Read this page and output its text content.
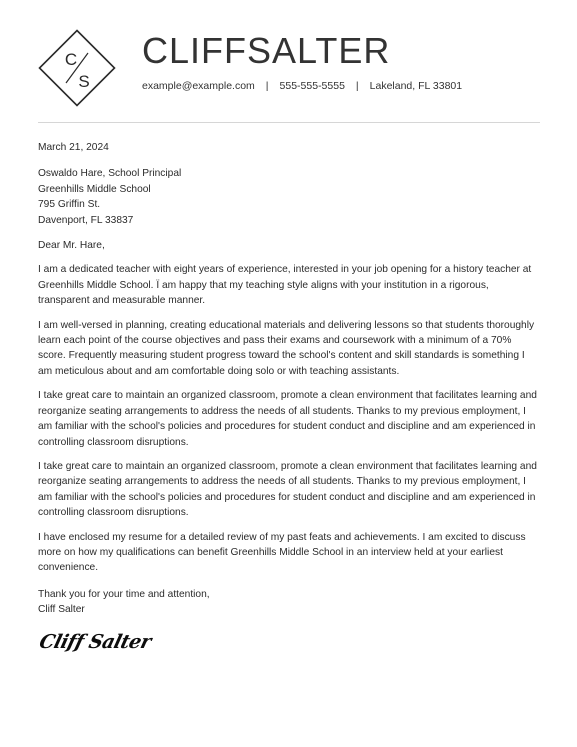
C
S
CLIFFSALTER
example@example.com | 555-555-5555 | Lakeland, FL 33801

March 21, 2024

Oswaldo Hare, School Principal

Greenhills Middle School

795 Griffin St.

Davenport, FL 33837

Dear Mr. Hare,

I am a dedicated teacher with eight years of experience, interested in your job opening for a history teacher at Greenhills Middle School. Ï am happy that my teaching style aligns with your institution in a rigorous, transparent and measurable manner.

I am well-versed in planning, creating educational materials and delivering lessons so that students thoroughly learn each point of the course objectives and pass their exams and coursework with a minimum of a 70% score. Frequently measuring student progress toward the school's content and skill standards is something I am meticulous about and am comfortable doing solo or with teaching assistants.

I take great care to maintain an organized classroom, promote a clean environment that facilitates learning and reorganize seating arrangements to address the needs of all students. Thanks to my previous employment, I am familiar with the school's policies and procedures for student conduct and discipline and am experienced in controlling classroom disruptions.

I take great care to maintain an organized classroom, promote a clean environment that facilitates learning and reorganize seating arrangements to address the needs of all students. Thanks to my previous employment, I am familiar with the school's policies and procedures for student conduct and discipline and am experienced in controlling classroom disruptions.

I have enclosed my resume for a detailed review of my past feats and achievements. I am excited to discuss more on how my qualifications can benefit Greenhills Middle School in an interview held at your earliest convenience.

Thank you for your time and attention,

Cliff Salter

Cliff Salter
